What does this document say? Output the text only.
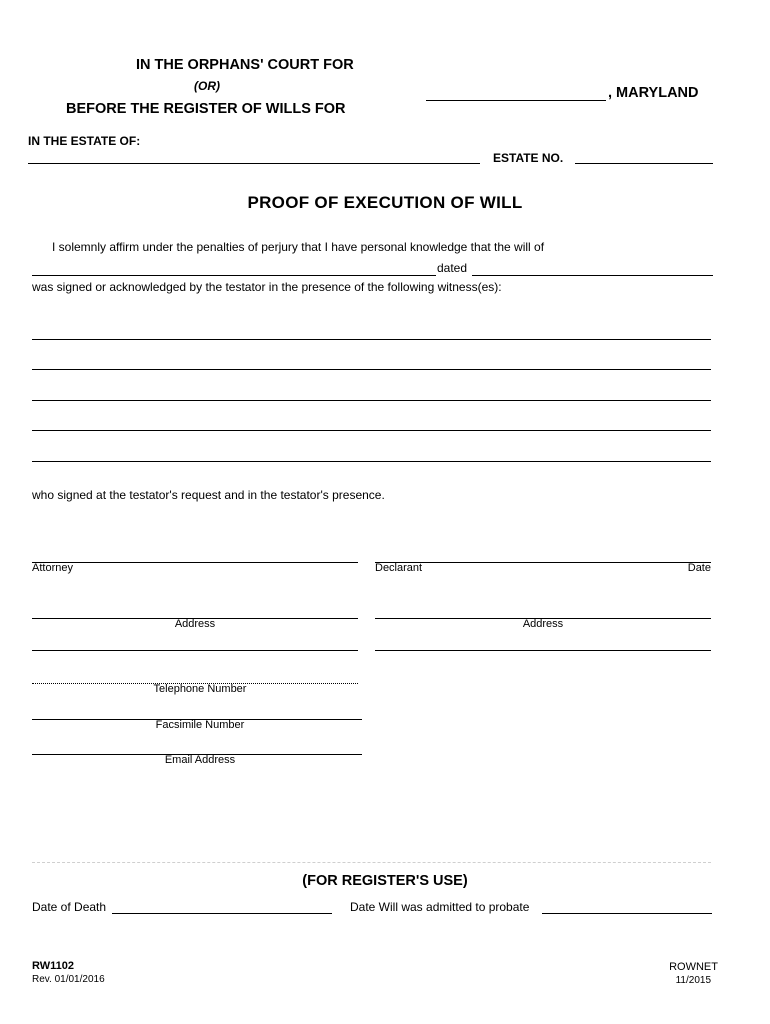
IN THE ORPHANS' COURT FOR
(OR)
BEFORE THE REGISTER OF WILLS FOR
, MARYLAND
IN THE ESTATE OF:
ESTATE NO.
PROOF OF EXECUTION OF WILL
I solemnly affirm under the penalties of perjury that I have personal knowledge that the will of
dated
was signed or acknowledged by the testator in the presence of the following witness(es):
who signed at the testator's request and in the testator's presence.
Attorney	Declarant	Date
Address	Address
Telephone Number
Facsimile Number
Email Address
(FOR REGISTER'S USE)
Date of Death	Date Will was admitted to probate
RW1102
Rev. 01/01/2016
ROWNET
11/2015
